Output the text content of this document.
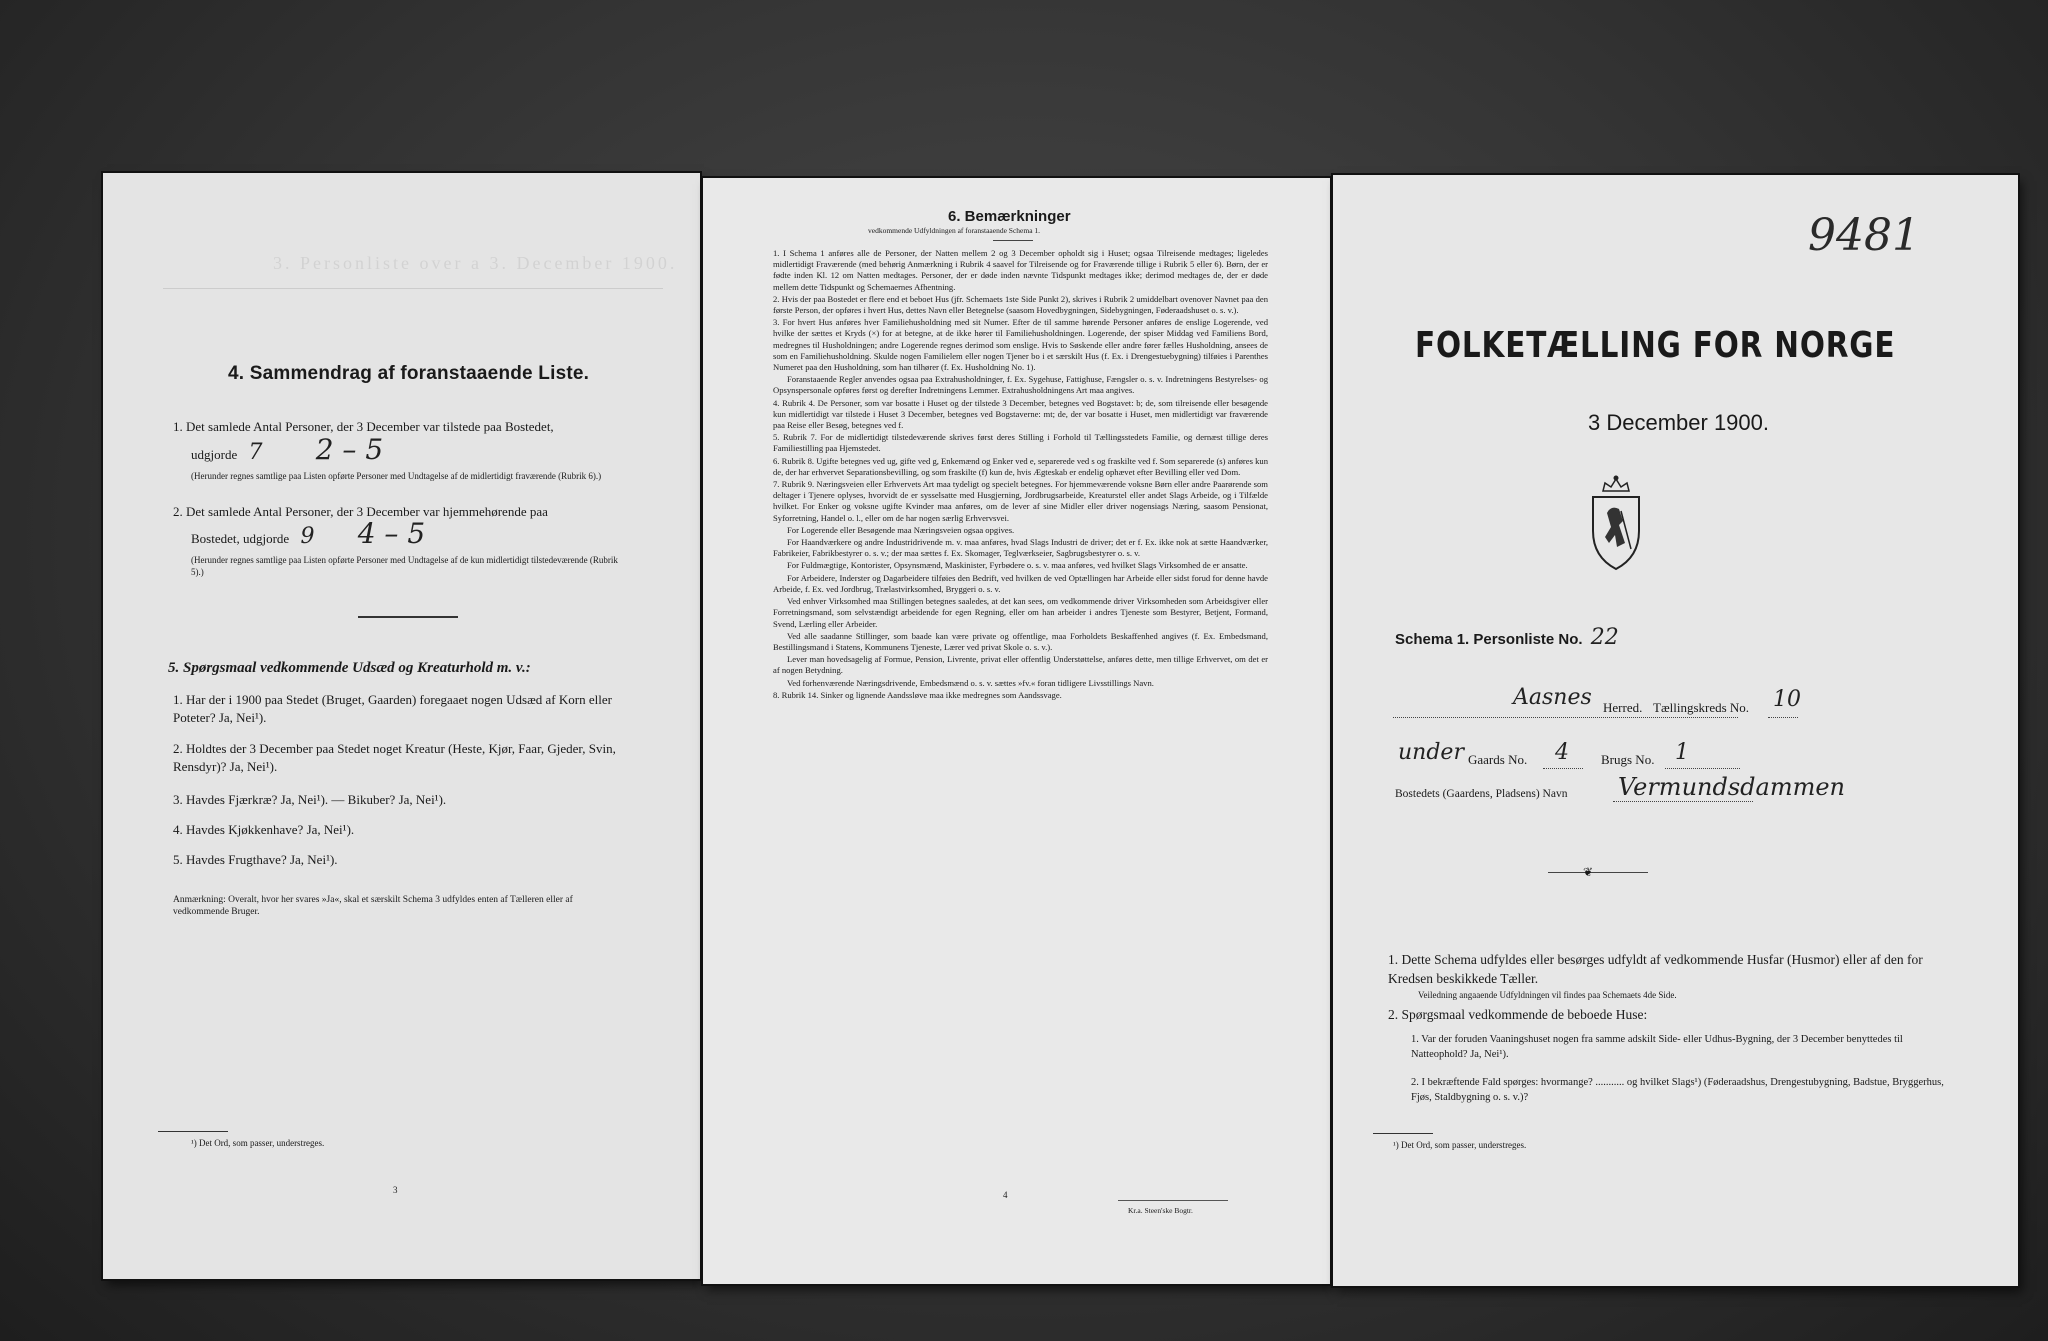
3. Personliste over a 3. December 1900.
4. Sammendrag af foranstaaende Liste.
1. Det samlede Antal Personer, der 3 December var tilstede paa Bostedet,
udgjorde 7 2 – 5
(Herunder regnes samtlige paa Listen opførte Personer med Undtagelse af de midlertidigt fraværende (Rubrik 6).)
2. Det samlede Antal Personer, der 3 December var hjemmehørende paa
Bostedet, udgjorde 9 4 – 5
(Herunder regnes samtlige paa Listen opførte Personer med Undtagelse af de kun midlertidigt tilstedeværende (Rubrik 5).)
5. Spørgsmaal vedkommende Udsæd og Kreaturhold m. v.:
1. Har der i 1900 paa Stedet (Bruget, Gaarden) foregaaet nogen Udsæd af Korn eller Poteter? Ja, Nei¹).
2. Holdtes der 3 December paa Stedet noget Kreatur (Heste, Kjør, Faar, Gjeder, Svin, Rensdyr)? Ja, Nei¹).
3. Havdes Fjærkræ? Ja, Nei¹). — Bikuber? Ja, Nei¹).
4. Havdes Kjøkkenhave? Ja, Nei¹).
5. Havdes Frugthave? Ja, Nei¹).
Anmærkning: Overalt, hvor her svares »Ja«, skal et særskilt Schema 3 udfyldes enten af Tælleren eller af vedkommende Bruger.
¹) Det Ord, som passer, understreges.
3
6. Bemærkninger
vedkommende Udfyldningen af foranstaaende Schema 1.
1. I Schema 1 anføres alle de Personer, der Natten mellem 2 og 3 December opholdt sig i Huset; ogsaa Tilreisende medtages; ligeledes midlertidigt Fraværende (med behørig Anmærkning i Rubrik 4 saavel for Tilreisende og for Fraværende tillige i Rubrik 5 eller 6). Børn, der er fødte inden Kl. 12 om Natten medtages. Personer, der er døde inden nævnte Tidspunkt medtages ikke; derimod medtages de, der er døde mellem dette Tidspunkt og Schemaernes Afhentning.
2. Hvis der paa Bostedet er flere end et beboet Hus (jfr. Schemaets 1ste Side Punkt 2), skrives i Rubrik 2 umiddelbart ovenover Navnet paa den første Person, der opføres i hvert Hus, dettes Navn eller Betegnelse (saasom Hovedbygningen, Sidebygningen, Føderaadshuset o. s. v.).
3. For hvert Hus anføres hver Familiehusholdning med sit Numer. Efter de til samme hørende Personer anføres de enslige Logerende, ved hvilke der sættes et Kryds (×) for at betegne, at de ikke hører til Familiehusholdningen. Logerende, der spiser Middag ved Familiens Bord, medregnes til Husholdningen; andre Logerende regnes derimod som enslige. Hvis to Søskende eller andre fører fælles Husholdning, ansees de som en Familiehusholdning. Skulde nogen Familielem eller nogen Tjener bo i et særskilt Hus (f. Ex. i Drengestuebygning) tilføies i Parenthes Numeret paa den Husholdning, som han tilhører (f. Ex. Husholdning No. 1).
Foranstaaende Regler anvendes ogsaa paa Extrahusholdninger, f. Ex. Sygehuse, Fattighuse, Fængsler o. s. v. Indretningens Bestyrelses- og Opsynspersonale opføres først og derefter Indretningens Lemmer. Extrahusholdningens Art maa angives.
4. Rubrik 4. De Personer, som var bosatte i Huset og der tilstede 3 December, betegnes ved Bogstavet: b; de, som tilreisende eller besøgende kun midlertidigt var tilstede i Huset 3 December, betegnes ved Bogstaverne: mt; de, der var bosatte i Huset, men midlertidigt var fraværende paa Reise eller Besøg, betegnes ved f.
5. Rubrik 7. For de midlertidigt tilstedeværende skrives først deres Stilling i Forhold til Tællingsstedets Familie, og dernæst tillige deres Familiestilling paa Hjemstedet.
6. Rubrik 8. Ugifte betegnes ved ug, gifte ved g, Enkemænd og Enker ved e, separerede ved s og fraskilte ved f. Som separerede (s) anføres kun de, der har erhvervet Separationsbevilling, og som fraskilte (f) kun de, hvis Ægteskab er endelig ophævet efter Bevilling eller ved Dom.
7. Rubrik 9. Næringsveien eller Erhvervets Art maa tydeligt og specielt betegnes. For hjemmeværende voksne Børn eller andre Paarørende som deltager i Tjenere oplyses, hvorvidt de er sysselsatte med Husgjerning, Jordbrugsarbeide, Kreaturstel eller andet Slags Arbeide, og i Tilfælde hvilket. For Enker og voksne ugifte Kvinder maa anføres, om de lever af sine Midler eller driver nogensiags Næring, saasom Pensionat, Syforretning, Handel o. l., eller om de har nogen særlig Erhvervsvei.
For Logerende eller Besøgende maa Næringsveien ogsaa opgives.
For Haandværkere og andre Industridrivende m. v. maa anføres, hvad Slags Industri de driver; det er f. Ex. ikke nok at sætte Haandværker, Fabrikeier, Fabrikbestyrer o. s. v.; der maa sættes f. Ex. Skomager, Teglværkseier, Sagbrugsbestyrer o. s. v.
For Fuldmægtige, Kontorister, Opsynsmænd, Maskinister, Fyrbødere o. s. v. maa anføres, ved hvilket Slags Virksomhed de er ansatte.
For Arbeidere, Inderster og Dagarbeidere tilføies den Bedrift, ved hvilken de ved Optællingen har Arbeide eller sidst forud for denne havde Arbeide, f. Ex. ved Jordbrug, Trælastvirksomhed, Bryggeri o. s. v.
Ved enhver Virksomhed maa Stillingen betegnes saaledes, at det kan sees, om vedkommende driver Virksomheden som Arbeidsgiver eller Forretningsmand, som selvstændigt arbeidende for egen Regning, eller om han arbeider i andres Tjeneste som Bestyrer, Betjent, Formand, Svend, Lærling eller Arbeider.
Ved alle saadanne Stillinger, som baade kan være private og offentlige, maa Forholdets Beskaffenhed angives (f. Ex. Embedsmand, Bestillingsmand i Statens, Kommunens Tjeneste, Lærer ved privat Skole o. s. v.).
Lever man hovedsagelig af Formue, Pension, Livrente, privat eller offentlig Understøttelse, anføres dette, men tillige Erhvervet, om det er af nogen Betydning.
Ved forhenværende Næringsdrivende, Embedsmænd o. s. v. sættes »fv.« foran tidligere Livsstillings Navn.
8. Rubrik 14. Sinker og lignende Aandssløve maa ikke medregnes som Aandssvage.
4
Kr.a. Steen'ske Bogtr.
9481
FOLKETÆLLING FOR NORGE
3 December 1900.
Schema 1. Personliste No. 22
Aasnes Herred. Tællingskreds No. 10
under Gaards No. 4 Brugs No. 1
Bostedets (Gaardens, Pladsens) Navn Vermundsdammen
❦
1. Dette Schema udfyldes eller besørges udfyldt af vedkommende Husfar (Husmor) eller af den for Kredsen beskikkede Tæller.
Veiledning angaaende Udfyldningen vil findes paa Schemaets 4de Side.
2. Spørgsmaal vedkommende de beboede Huse:
1. Var der foruden Vaaningshuset nogen fra samme adskilt Side- eller Udhus-Bygning, der 3 December benyttedes til Natteophold? Ja, Nei¹).
2. I bekræftende Fald spørges: hvormange? ........... og hvilket Slags¹) (Føderaadshus, Drengestubygning, Badstue, Bryggerhus, Fjøs, Staldbygning o. s. v.)?
¹) Det Ord, som passer, understreges.
